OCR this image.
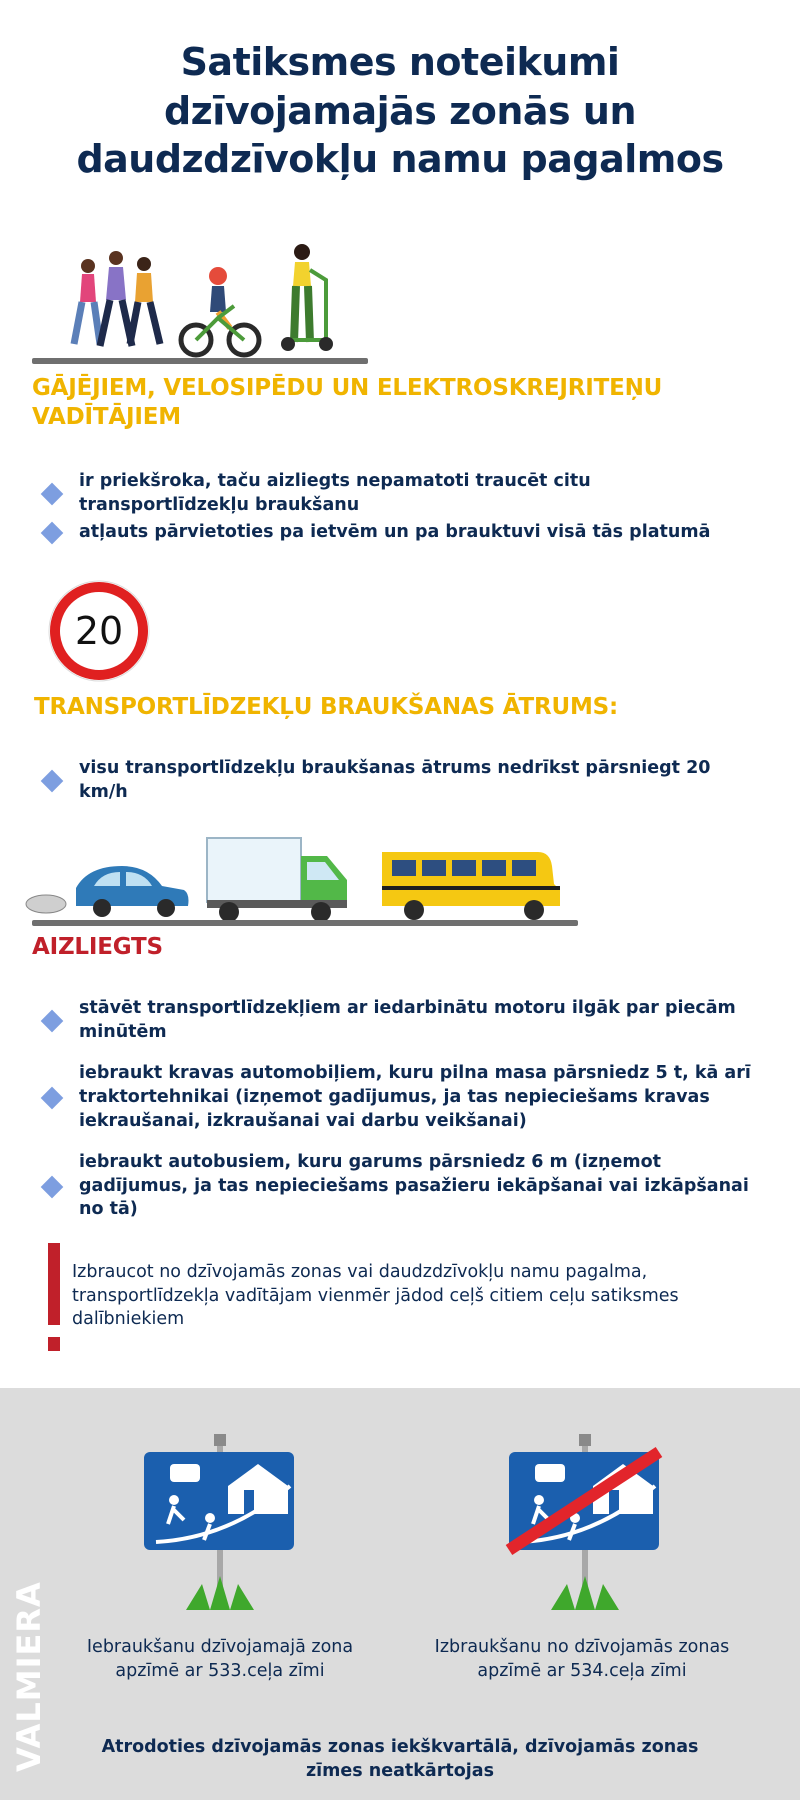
Satiksmes noteikumi
dzīvojamajās zonās un
daudzdzīvokļu namu pagalmos
GĀJĒJIEM, VELOSIPĒDU UN ELEKTROSKREJRITEŅU
VADĪTĀJIEM
ir priekšroka, taču aizliegts nepamatoti traucēt citu transportlīdzekļu braukšanu
atļauts pārvietoties pa ietvēm un pa brauktuvi visā tās platumā
20
TRANSPORTLĪDZEKĻU BRAUKŠANAS ĀTRUMS:
visu transportlīdzekļu braukšanas ātrums nedrīkst pārsniegt 20 km/h
AIZLIEGTS
stāvēt transportlīdzekļiem ar iedarbinātu motoru ilgāk par piecām minūtēm
iebraukt kravas automobiļiem, kuru pilna masa pārsniedz 5 t, kā arī traktortehnikai (izņemot gadījumus, ja tas nepieciešams kravas iekraušanai, izkraušanai vai darbu veikšanai)
iebraukt autobusiem, kuru garums pārsniedz 6 m (izņemot gadījumus, ja tas nepieciešams pasažieru iekāpšanai vai izkāpšanai no tā)
Izbraucot no dzīvojamās zonas vai daudzdzīvokļu namu pagalma, transportlīdzekļa vadītājam vienmēr jādod ceļš citiem ceļu satiksmes dalībniekiem
Iebraukšanu dzīvojamajā zona apzīmē ar 533.ceļa zīmi
Izbraukšanu no dzīvojamās zonas apzīmē ar 534.ceļa zīmi
Atrodoties dzīvojamās zonas iekškvartālā, dzīvojamās zonas zīmes neatkārtojas
VALMIERA
